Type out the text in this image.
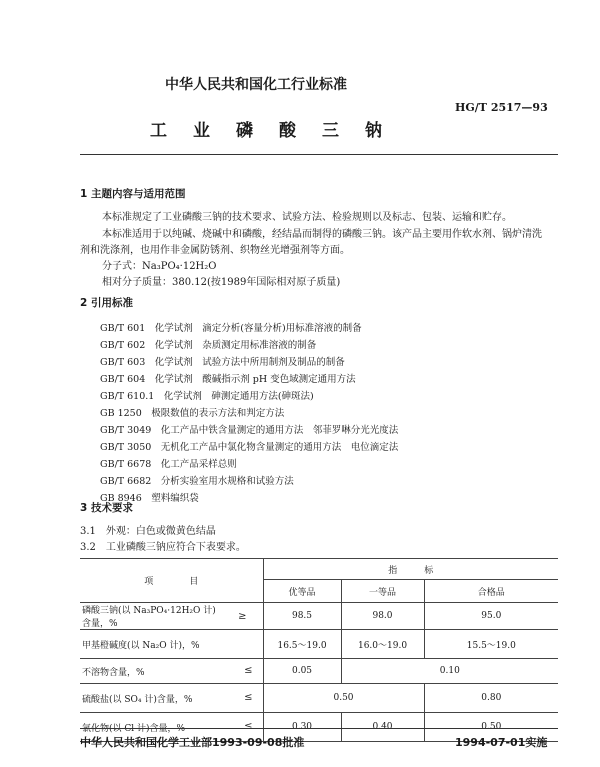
中华人民共和国化工行业标准
HG/T 2517—93
工业磷酸三钠
1 主题内容与适用范围
本标准规定了工业磷酸三钠的技术要求、试验方法、检验规则以及标志、包装、运输和贮存。
本标准适用于以纯碱、烧碱中和磷酸，经结晶而制得的磷酸三钠。该产品主要用作软水剂、锅炉清洗
剂和洗涤剂，也用作非金属防锈剂、织物丝光增强剂等方面。
分子式：Na₃PO₄·12H₂O
相对分子质量：380.12(按1989年国际相对原子质量)
2 引用标准
GB/T 601　化学试剂　滴定分析(容量分析)用标准溶液的制备
GB/T 602　化学试剂　杂质测定用标准溶液的制备
GB/T 603　化学试剂　试验方法中所用制剂及制品的制备
GB/T 604　化学试剂　酸碱指示剂 pH 变色域测定通用方法
GB/T 610.1　化学试剂　砷测定通用方法(砷斑法)
GB 1250　极限数值的表示方法和判定方法
GB/T 3049　化工产品中铁含量测定的通用方法　邻菲罗啉分光光度法
GB/T 3050　无机化工产品中氯化物含量测定的通用方法　电位滴定法
GB/T 6678　化工产品采样总则
GB/T 6682　分析实验室用水规格和试验方法
GB 8946　塑料编织袋
3 技术要求
3.1　外观：白色或微黄色结晶
3.2　工业磷酸三钠应符合下表要求。
项　　　　目		指　　　标		
		优等品	一等品	合格品
磷酸三钠(以 Na₃PO₄·12H₂O 计)含量，%	≥	98.5	98.0	95.0
甲基橙碱度(以 Na₂O 计)，%		16.5～19.0	16.0～19.0	15.5～19.0
不溶物含量，% ≤		0.05	0.10	
硫酸盐(以 SO₄ 计)含量，% ≤		0.50		0.80
氯化物(以 Cl 计)含量，% ≤		0.30	0.40	0.50
中华人民共和国化学工业部1993-09-08批准	1994-07-01实施
